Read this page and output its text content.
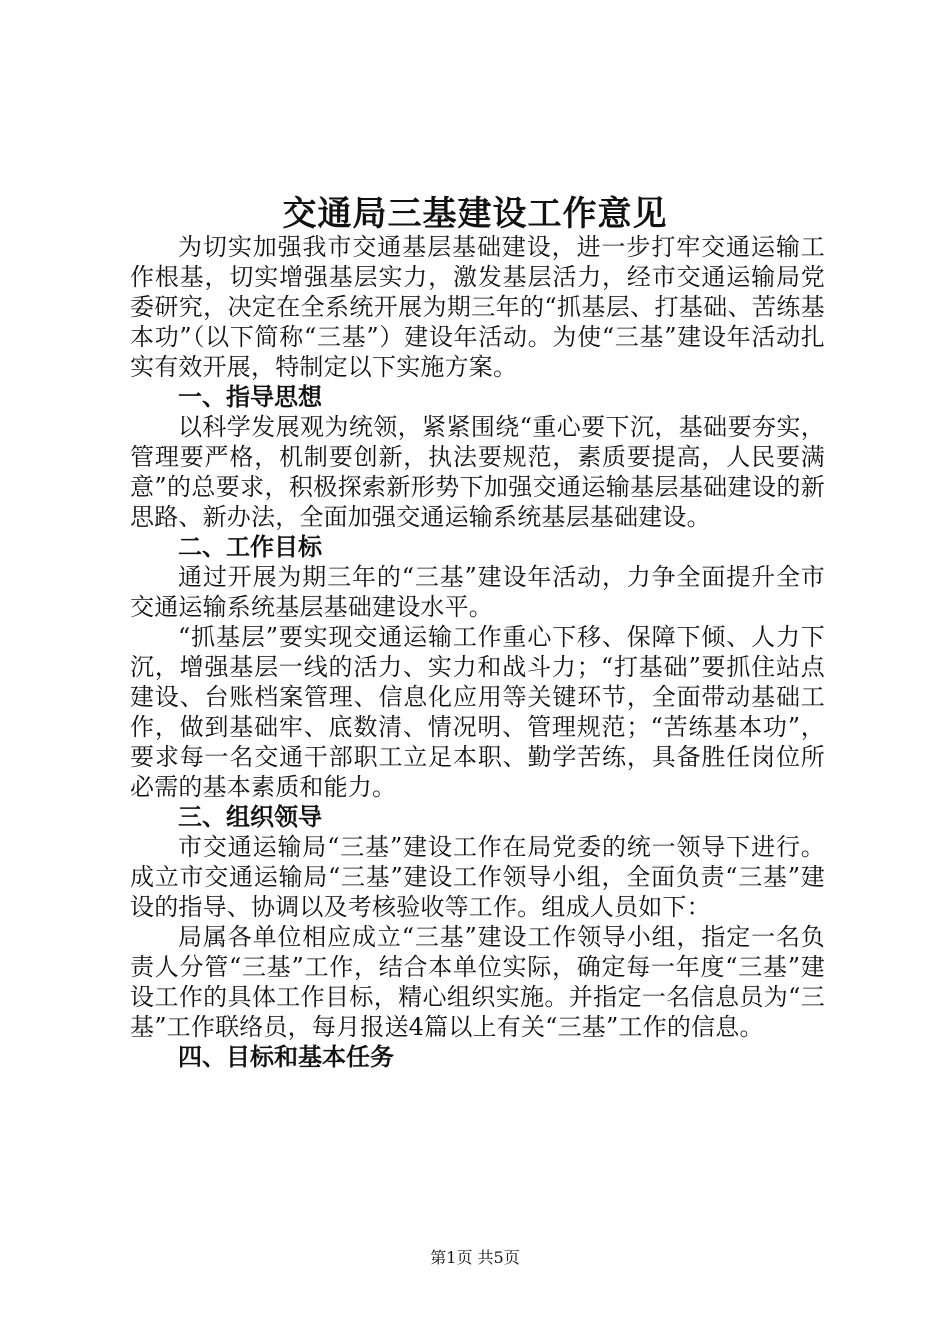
交通局三基建设工作意见

为切实加强我市交通基层基础建设，进一步打牢交通运输工作根基，切实增强基层实力，激发基层活力，经市交通运输局党委研究，决定在全系统开展为期三年的“抓基层、打基础、苦练基本功”（以下简称“三基”）建设年活动。为使“三基”建设年活动扎实有效开展，特制定以下实施方案。

一、指导思想

以科学发展观为统领，紧紧围绕“重心要下沉，基础要夯实，管理要严格，机制要创新，执法要规范，素质要提高，人民要满意”的总要求，积极探索新形势下加强交通运输基层基础建设的新思路、新办法，全面加强交通运输系统基层基础建设。

二、工作目标

通过开展为期三年的“三基”建设年活动，力争全面提升全市交通运输系统基层基础建设水平。

“抓基层”要实现交通运输工作重心下移、保障下倾、人力下沉，增强基层一线的活力、实力和战斗力；“打基础”要抓住站点建设、台账档案管理、信息化应用等关键环节，全面带动基础工作，做到基础牢、底数清、情况明、管理规范；“苦练基本功”，要求每一名交通干部职工立足本职、勤学苦练，具备胜任岗位所必需的基本素质和能力。

三、组织领导

市交通运输局“三基”建设工作在局党委的统一领导下进行。成立市交通运输局“三基”建设工作领导小组，全面负责“三基”建设的指导、协调以及考核验收等工作。组成人员如下：

局属各单位相应成立“三基”建设工作领导小组，指定一名负责人分管“三基”工作，结合本单位实际，确定每一年度“三基”建设工作的具体工作目标，精心组织实施。并指定一名信息员为“三基”工作联络员，每月报送4篇以上有关“三基”工作的信息。

四、目标和基本任务

第1页 共5页
